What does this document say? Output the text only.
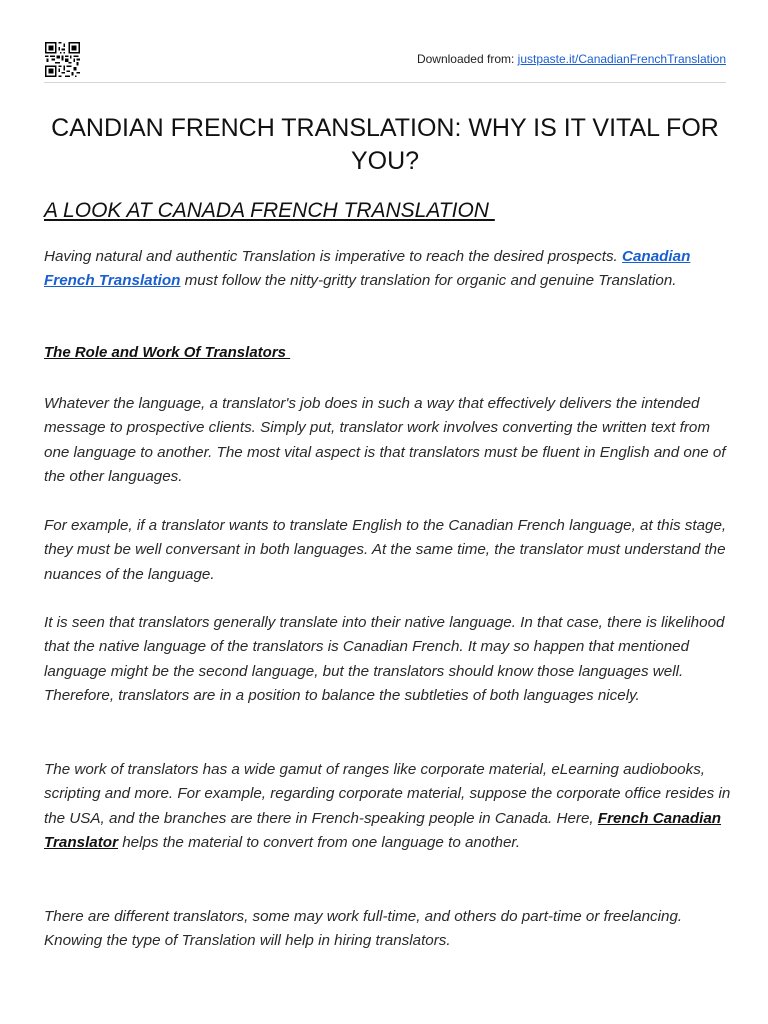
Downloaded from: justpaste.it/CanadianFrenchTranslation
CANDIAN FRENCH TRANSLATION: WHY IS IT VITAL FOR YOU?
A LOOK AT CANADA FRENCH TRANSLATION

Having natural and authentic Translation is imperative to reach the desired prospects. Canadian French Translation must follow the nitty-gritty translation for organic and genuine Translation.

The Role and Work Of Translators

Whatever the language, a translator's job does in such a way that effectively delivers the intended message to prospective clients. Simply put, translator work involves converting the written text from one language to another. The most vital aspect is that translators must be fluent in English and one of the other languages.

For example, if a translator wants to translate English to the Canadian French language, at this stage, they must be well conversant in both languages. At the same time, the translator must understand the nuances of the language.

It is seen that translators generally translate into their native language. In that case, there is likelihood that the native language of the translators is Canadian French. It may so happen that mentioned language might be the second language, but the translators should know those languages well. Therefore, translators are in a position to balance the subtleties of both languages nicely.

The work of translators has a wide gamut of ranges like corporate material, eLearning audiobooks, scripting and more. For example, regarding corporate material, suppose the corporate office resides in the USA, and the branches are there in French-speaking people in Canada. Here, French Canadian Translator helps the material to convert from one language to another.

There are different translators, some may work full-time, and others do part-time or freelancing. Knowing the type of Translation will help in hiring translators.
